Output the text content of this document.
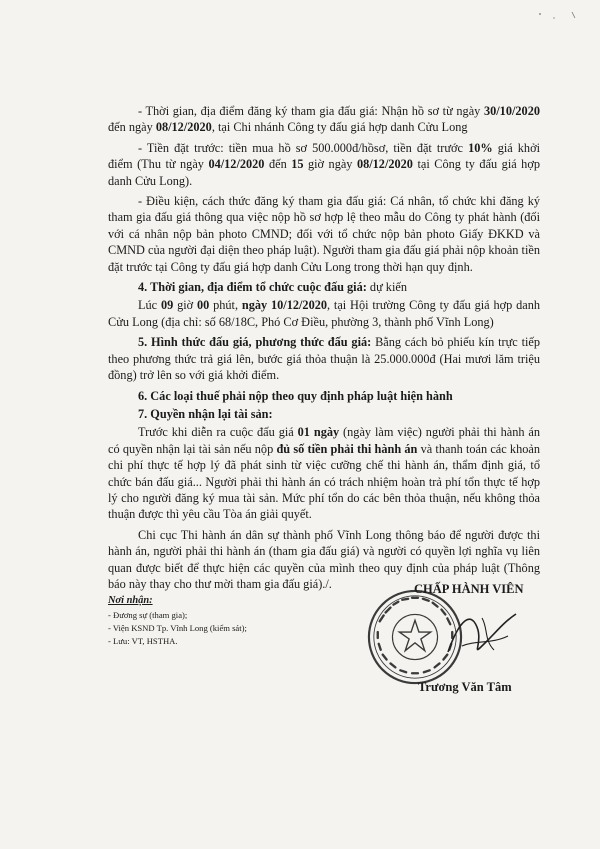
- Thời gian, địa điểm đăng ký tham gia đấu giá: Nhận hồ sơ từ ngày 30/10/2020 đến ngày 08/12/2020, tại Chi nhánh Công ty đấu giá hợp danh Cửu Long

- Tiền đặt trước: tiền mua hồ sơ 500.000đ/hồsơ, tiền đặt trước 10% giá khởi điểm (Thu từ ngày 04/12/2020 đến 15 giờ ngày 08/12/2020 tại Công ty đấu giá hợp danh Cửu Long).

- Điều kiện, cách thức đăng ký tham gia đấu giá: Cá nhân, tổ chức khi đăng ký tham gia đấu giá thông qua việc nộp hồ sơ hợp lệ theo mẫu do Công ty phát hành (đối với cá nhân nộp bản photo CMND; đối với tổ chức nộp bản photo Giấy ĐKKD và CMND của người đại diện theo pháp luật). Người tham gia đấu giá phải nộp khoản tiền đặt trước tại Công ty đấu giá hợp danh Cửu Long trong thời hạn quy định.

4. Thời gian, địa điểm tổ chức cuộc đấu giá: dự kiến

Lúc 09 giờ 00 phút, ngày 10/12/2020, tại Hội trường Công ty đấu giá hợp danh Cửu Long (địa chỉ: số 68/18C, Phó Cơ Điều, phường 3, thành phố Vĩnh Long)

5. Hình thức đấu giá, phương thức đấu giá: Bằng cách bỏ phiếu kín trực tiếp theo phương thức trả giá lên, bước giá thỏa thuận là 25.000.000đ (Hai mươi lăm triệu đồng) trở lên so với giá khởi điểm.

6. Các loại thuế phải nộp theo quy định pháp luật hiện hành

7. Quyền nhận lại tài sản:

Trước khi diễn ra cuộc đấu giá 01 ngày (ngày làm việc) người phải thi hành án có quyền nhận lại tài sản nếu nộp đủ số tiền phải thi hành án và thanh toán các khoản chi phí thực tế hợp lý đã phát sinh từ việc cưỡng chế thi hành án, thẩm định giá, tổ chức bán đấu giá... Người phải thi hành án có trách nhiệm hoàn trả phí tổn thực tế hợp lý cho người đăng ký mua tài sản. Mức phí tổn do các bên thỏa thuận, nếu không thỏa thuận được thì yêu cầu Tòa án giải quyết.

Chi cục Thi hành án dân sự thành phố Vĩnh Long thông báo để người được thi hành án, người phải thi hành án (tham gia đấu giá) và người có quyền lợi nghĩa vụ liên quan được biết để thực hiện các quyền của mình theo quy định của pháp luật (Thông báo này thay cho thư mời tham gia đấu giá)./.

Nơi nhận:
- Đương sự (tham gia);
- Viện KSND Tp. Vĩnh Long (kiểm sát);
- Lưu: VT, HSTHA.
CHẤP HÀNH VIÊN
Trương Văn Tâm
